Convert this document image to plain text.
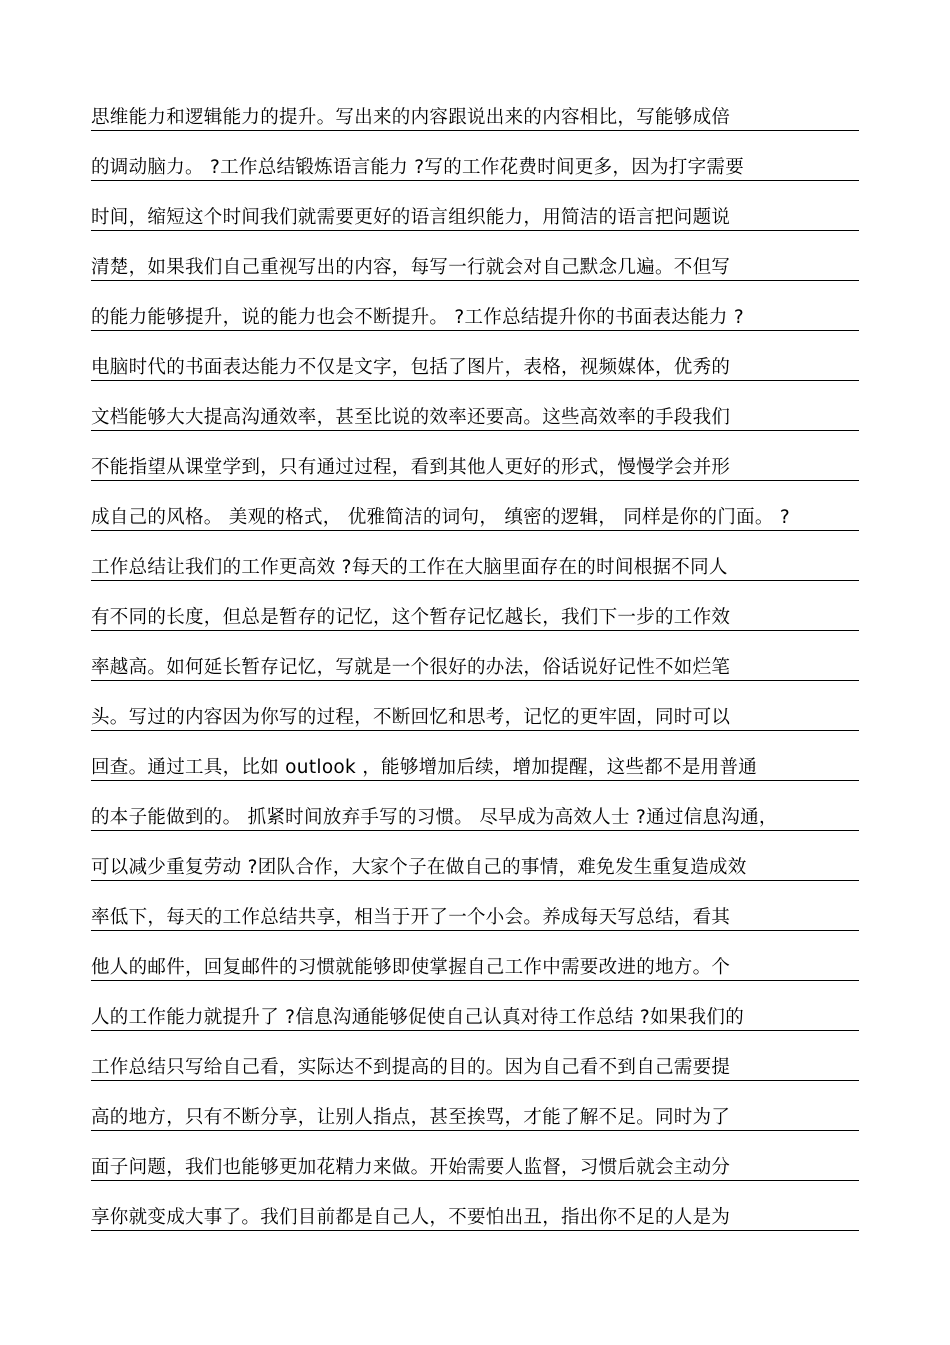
思维能力和逻辑能力的提升。写出来的内容跟说出来的内容相比，写能够成倍
的调动脑力。 ?工作总结锻炼语言能力 ?写的工作花费时间更多，因为打字需要
时间，缩短这个时间我们就需要更好的语言组织能力，用简洁的语言把问题说
清楚，如果我们自己重视写出的内容，每写一行就会对自己默念几遍。不但写
的能力能够提升，说的能力也会不断提升。 ?工作总结提升你的书面表达能力 ?
电脑时代的书面表达能力不仅是文字，包括了图片，表格，视频媒体，优秀的
文档能够大大提高沟通效率，甚至比说的效率还要高。这些高效率的手段我们
不能指望从课堂学到，只有通过过程，看到其他人更好的形式，慢慢学会并形
成自己的风格。 美观的格式， 优雅简洁的词句， 缜密的逻辑， 同样是你的门面。 ?
工作总结让我们的工作更高效 ?每天的工作在大脑里面存在的时间根据不同人
有不同的长度，但总是暂存的记忆，这个暂存记忆越长，我们下一步的工作效
率越高。如何延长暂存记忆，写就是一个很好的办法，俗话说好记性不如烂笔
头。写过的内容因为你写的过程，不断回忆和思考，记忆的更牢固，同时可以
回查。通过工具，比如 outlook ，能够增加后续，增加提醒，这些都不是用普通
的本子能做到的。 抓紧时间放弃手写的习惯。 尽早成为高效人士 ?通过信息沟通，
可以减少重复劳动 ?团队合作，大家个子在做自己的事情，难免发生重复造成效
率低下，每天的工作总结共享，相当于开了一个小会。养成每天写总结，看其
他人的邮件，回复邮件的习惯就能够即使掌握自己工作中需要改进的地方。个
人的工作能力就提升了 ?信息沟通能够促使自己认真对待工作总结 ?如果我们的
工作总结只写给自己看，实际达不到提高的目的。因为自己看不到自己需要提
高的地方，只有不断分享，让别人指点，甚至挨骂，才能了解不足。同时为了
面子问题，我们也能够更加花精力来做。开始需要人监督，习惯后就会主动分
享你就变成大事了。我们目前都是自己人，不要怕出丑，指出你不足的人是为
